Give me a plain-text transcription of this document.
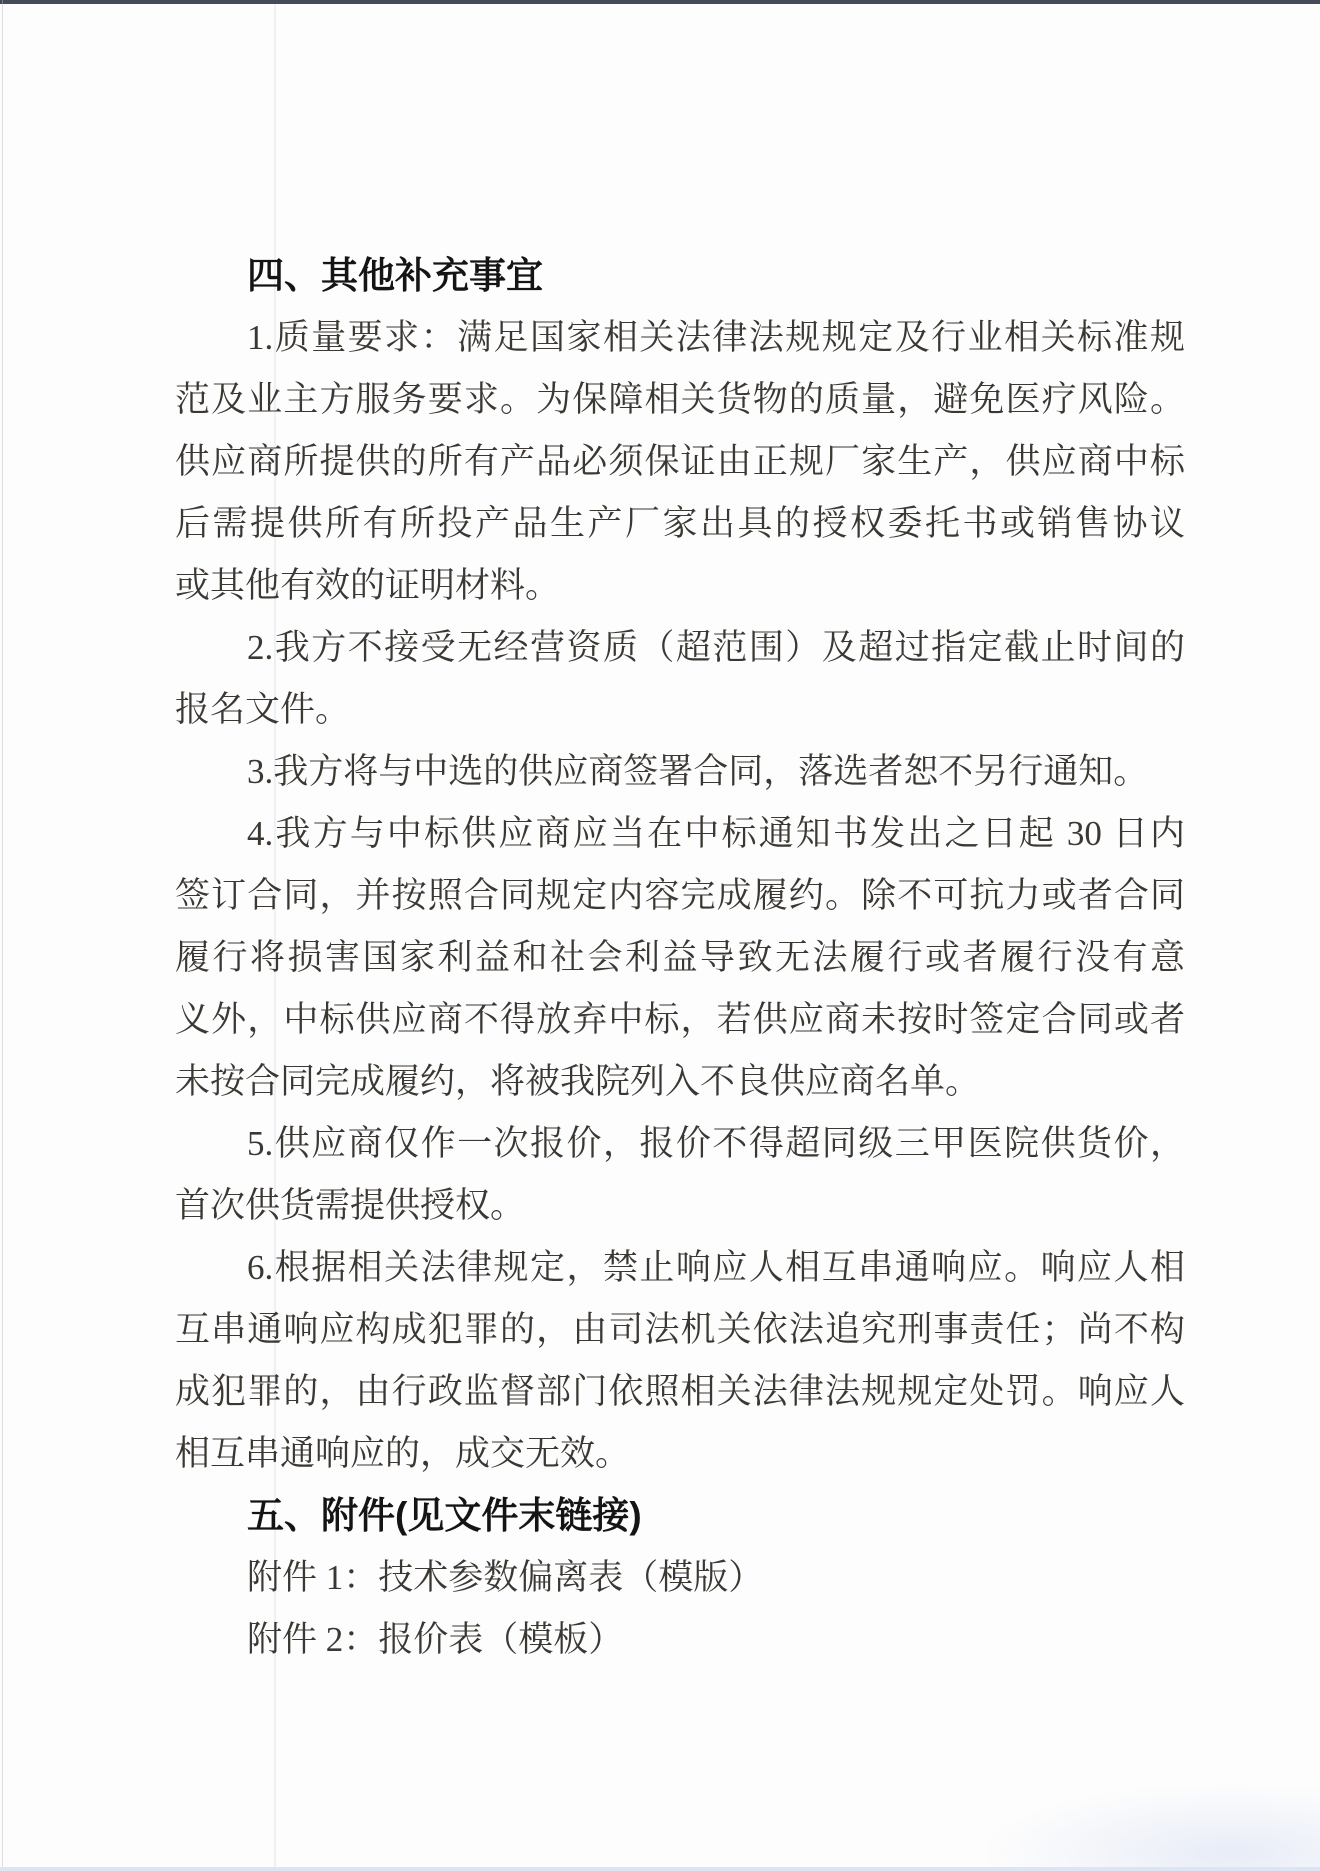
四、其他补充事宜
1.质量要求：满足国家相关法律法规规定及行业相关标准规
范及业主方服务要求。为保障相关货物的质量，避免医疗风险。
供应商所提供的所有产品必须保证由正规厂家生产，供应商中标
后需提供所有所投产品生产厂家出具的授权委托书或销售协议
或其他有效的证明材料。
2.我方不接受无经营资质（超范围）及超过指定截止时间的
报名文件。
3.我方将与中选的供应商签署合同，落选者恕不另行通知。
4.我方与中标供应商应当在中标通知书发出之日起 30 日内
签订合同，并按照合同规定内容完成履约。除不可抗力或者合同
履行将损害国家利益和社会利益导致无法履行或者履行没有意
义外，中标供应商不得放弃中标，若供应商未按时签定合同或者
未按合同完成履约，将被我院列入不良供应商名单。
5.供应商仅作一次报价，报价不得超同级三甲医院供货价，
首次供货需提供授权。
6.根据相关法律规定，禁止响应人相互串通响应。响应人相
互串通响应构成犯罪的，由司法机关依法追究刑事责任；尚不构
成犯罪的，由行政监督部门依照相关法律法规规定处罚。响应人
相互串通响应的，成交无效。
五、附件(见文件末链接)
附件 1：技术参数偏离表（模版）
附件 2：报价表（模板）
